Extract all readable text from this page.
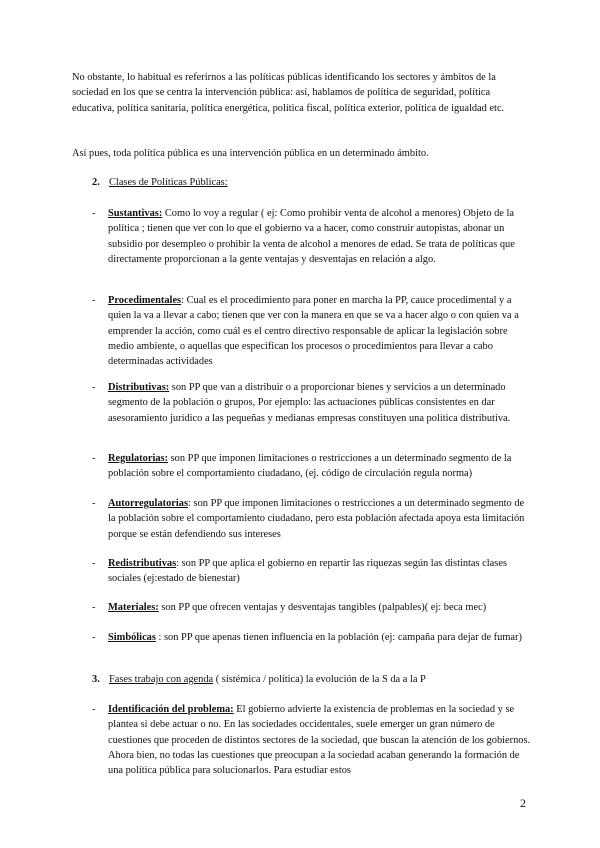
No obstante, lo habitual es referirnos a las políticas públicas identificando los sectores y ámbitos de la sociedad en los que se centra la intervención pública: así, hablamos de política de seguridad, política educativa, política sanitaria, política energética, política fiscal, política exterior, política de igualdad etc.

Así pues, toda política pública es una intervención pública en un determinado ámbito.

2. Clases de Políticas Públicas:

- Sustantivas: Como lo voy a regular ( ej: Como prohibir venta de alcohol a menores) Objeto de la política ; tienen que ver con lo que el gobierno va a hacer, como construir autopistas, abonar un subsidio por desempleo o prohibir la venta de alcohol a menores de edad. Se trata de políticas que directamente proporcionan a la gente ventajas y desventajas en relación a algo.
- Procedimentales: Cual es el procedimiento para poner en marcha la PP, cauce procedimental y a quien la va a llevar a cabo; tienen que ver con la manera en que se va a hacer algo o con quien va a emprender la acción, como cuál es el centro directivo responsable de aplicar la legislación sobre medio ambiente, o aquellas que especifican los procesos o procedimientos para llevar a cabo determinadas actividades
- Distributivas: son PP que van a distribuir o a proporcionar bienes y servicios a un determinado segmento de la población o grupos, Por ejemplo: las actuaciones públicas consistentes en dar asesoramiento jurídico a las pequeñas y medianas empresas constituyen una política distributiva.
- Regulatorias: son PP que imponen limitaciones o restricciones a un determinado segmento de la población sobre el comportamiento ciudadano, (ej. código de circulación regula norma)
- Autorregulatorias: son PP que imponen limitaciones o restricciones a un determinado segmento de la población sobre el comportamiento ciudadano, pero esta población afectada apoya esta limitación porque se están defendiendo sus intereses
- Redistributivas: son PP que aplica el gobierno en repartir las riquezas según las distintas clases sociales (ej:estado de bienestar)
- Materiales: son PP que ofrecen ventajas y desventajas tangibles (palpables)( ej: beca mec)
- Simbólicas : son PP que apenas tienen influencia en la población (ej: campaña para dejar de fumar)

3. Fases trabajo con agenda ( sistémica / política) la evolución de la S da a la P

- Identificación del problema: El gobierno advierte la existencia de problemas en la sociedad y se plantea si debe actuar o no. En las sociedades occidentales, suele emerger un gran número de cuestiones que proceden de distintos sectores de la sociedad, que buscan la atención de los gobiernos. Ahora bien, no todas las cuestiones que preocupan a la sociedad acaban generando la formación de una política pública para solucionarlos. Para estudiar estos

2
